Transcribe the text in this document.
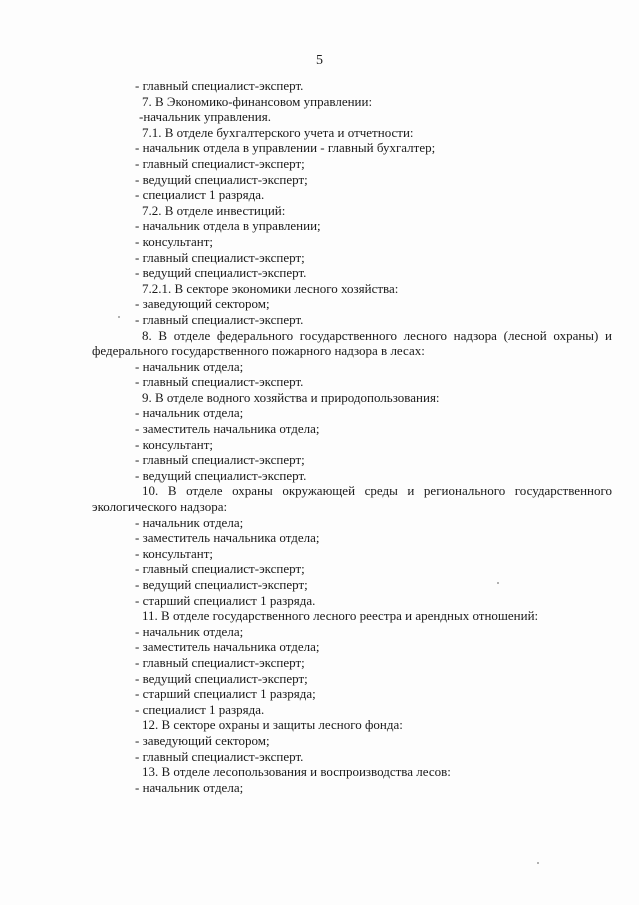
5
- главный специалист-эксперт.
7. В Экономико-финансовом управлении:
-начальник управления.
7.1. В отделе бухгалтерского учета и отчетности:
- начальник отдела в управлении - главный бухгалтер;
- главный специалист-эксперт;
- ведущий специалист-эксперт;
- специалист 1 разряда.
7.2. В отделе инвестиций:
- начальник отдела в управлении;
- консультант;
- главный специалист-эксперт;
- ведущий специалист-эксперт.
7.2.1. В секторе экономики лесного хозяйства:
- заведующий сектором;
- главный специалист-эксперт.
8. В отделе федерального государственного лесного надзора (лесной охраны) и
федерального государственного пожарного надзора в лесах:
- начальник отдела;
- главный специалист-эксперт.
9. В отделе водного хозяйства и природопользования:
- начальник отдела;
- заместитель начальника отдела;
- консультант;
- главный специалист-эксперт;
- ведущий специалист-эксперт.
10. В отделе охраны окружающей среды и регионального государственного
экологического надзора:
- начальник отдела;
- заместитель начальника отдела;
- консультант;
- главный специалист-эксперт;
- ведущий специалист-эксперт;
- старший специалист 1 разряда.
11. В отделе государственного лесного реестра и арендных отношений:
- начальник отдела;
- заместитель начальника отдела;
- главный специалист-эксперт;
- ведущий специалист-эксперт;
- старший специалист 1 разряда;
- специалист 1 разряда.
12. В секторе охраны и защиты лесного фонда:
- заведующий сектором;
- главный специалист-эксперт.
13. В отделе лесопользования и воспроизводства лесов:
- начальник отдела;
